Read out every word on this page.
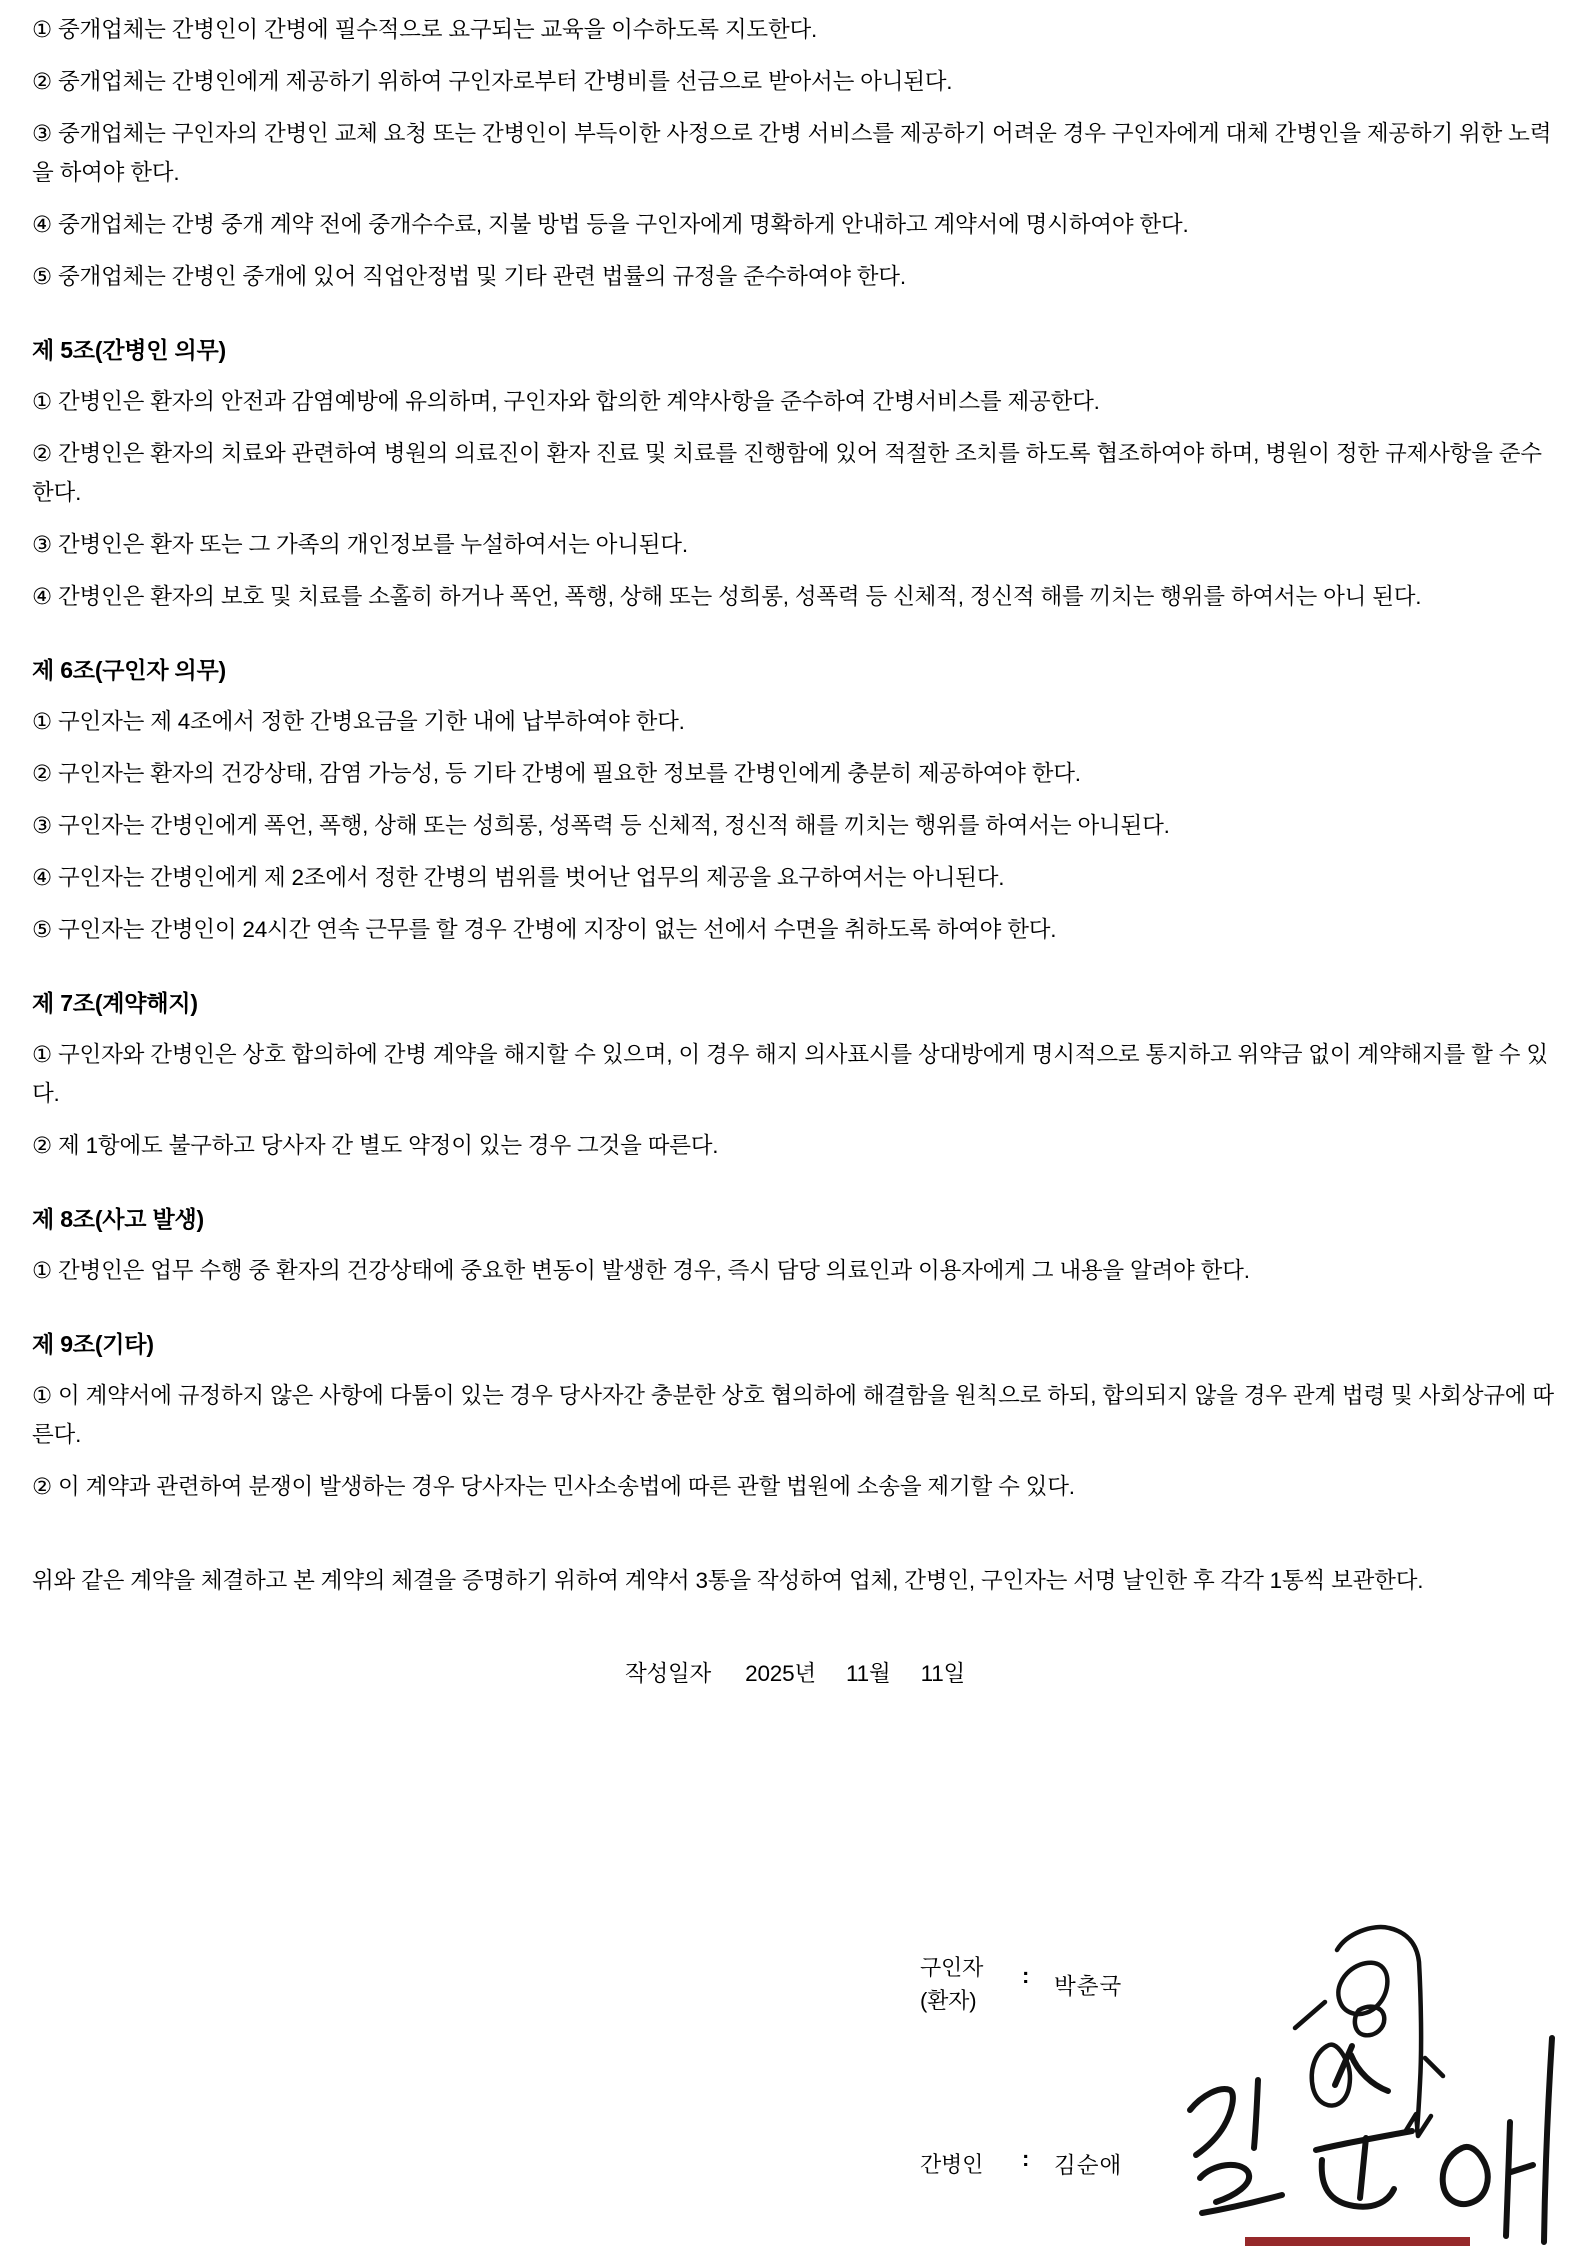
① 중개업체는 간병인이 간병에 필수적으로 요구되는 교육을 이수하도록 지도한다.

② 중개업체는 간병인에게 제공하기 위하여 구인자로부터 간병비를 선금으로 받아서는 아니된다.

③ 중개업체는 구인자의 간병인 교체 요청 또는 간병인이 부득이한 사정으로 간병 서비스를 제공하기 어려운 경우 구인자에게 대체 간병인을 제공하기 위한 노력을 하여야 한다.

④ 중개업체는 간병 중개 계약 전에 중개수수료, 지불 방법 등을 구인자에게 명확하게 안내하고 계약서에 명시하여야 한다.

⑤ 중개업체는 간병인 중개에 있어 직업안정법 및 기타 관련 법률의 규정을 준수하여야 한다.

제 5조(간병인 의무)

① 간병인은 환자의 안전과 감염예방에 유의하며, 구인자와 합의한 계약사항을 준수하여 간병서비스를 제공한다.

② 간병인은 환자의 치료와 관련하여 병원의 의료진이 환자 진료 및 치료를 진행함에 있어 적절한 조치를 하도록 협조하여야 하며, 병원이 정한 규제사항을 준수한다.

③ 간병인은 환자 또는 그 가족의 개인정보를 누설하여서는 아니된다.

④ 간병인은 환자의 보호 및 치료를 소홀히 하거나 폭언, 폭행, 상해 또는 성희롱, 성폭력 등 신체적, 정신적 해를 끼치는 행위를 하여서는 아니 된다.

제 6조(구인자 의무)

① 구인자는 제 4조에서 정한 간병요금을 기한 내에 납부하여야 한다.

② 구인자는 환자의 건강상태, 감염 가능성, 등 기타 간병에 필요한 정보를 간병인에게 충분히 제공하여야 한다.

③ 구인자는 간병인에게 폭언, 폭행, 상해 또는 성희롱, 성폭력 등 신체적, 정신적 해를 끼치는 행위를 하여서는 아니된다.

④ 구인자는 간병인에게 제 2조에서 정한 간병의 범위를 벗어난 업무의 제공을 요구하여서는 아니된다.

⑤ 구인자는 간병인이 24시간 연속 근무를 할 경우 간병에 지장이 없는 선에서 수면을 취하도록 하여야 한다.

제 7조(계약해지)

① 구인자와 간병인은 상호 합의하에 간병 계약을 해지할 수 있으며, 이 경우 해지 의사표시를 상대방에게 명시적으로 통지하고 위약금 없이 계약해지를 할 수 있다.

② 제 1항에도 불구하고 당사자 간 별도 약정이 있는 경우 그것을 따른다.

제 8조(사고 발생)

① 간병인은 업무 수행 중 환자의 건강상태에 중요한 변동이 발생한 경우, 즉시 담당 의료인과 이용자에게 그 내용을 알려야 한다.

제 9조(기타)

① 이 계약서에 규정하지 않은 사항에 다툼이 있는 경우 당사자간 충분한 상호 협의하에 해결함을 원칙으로 하되, 합의되지 않을 경우 관계 법령 및 사회상규에 따른다.

② 이 계약과 관련하여 분쟁이 발생하는 경우 당사자는 민사소송법에 따른 관할 법원에 소송을 제기할 수 있다.

위와 같은 계약을 체결하고 본 계약의 체결을 증명하기 위하여 계약서 3통을 작성하여 업체, 간병인, 구인자는 서명 날인한 후 각각 1통씩 보관한다.

작성일자 2025년 11월 11일
구인자
(환자)
: 박춘국
간병인 : 김순애
